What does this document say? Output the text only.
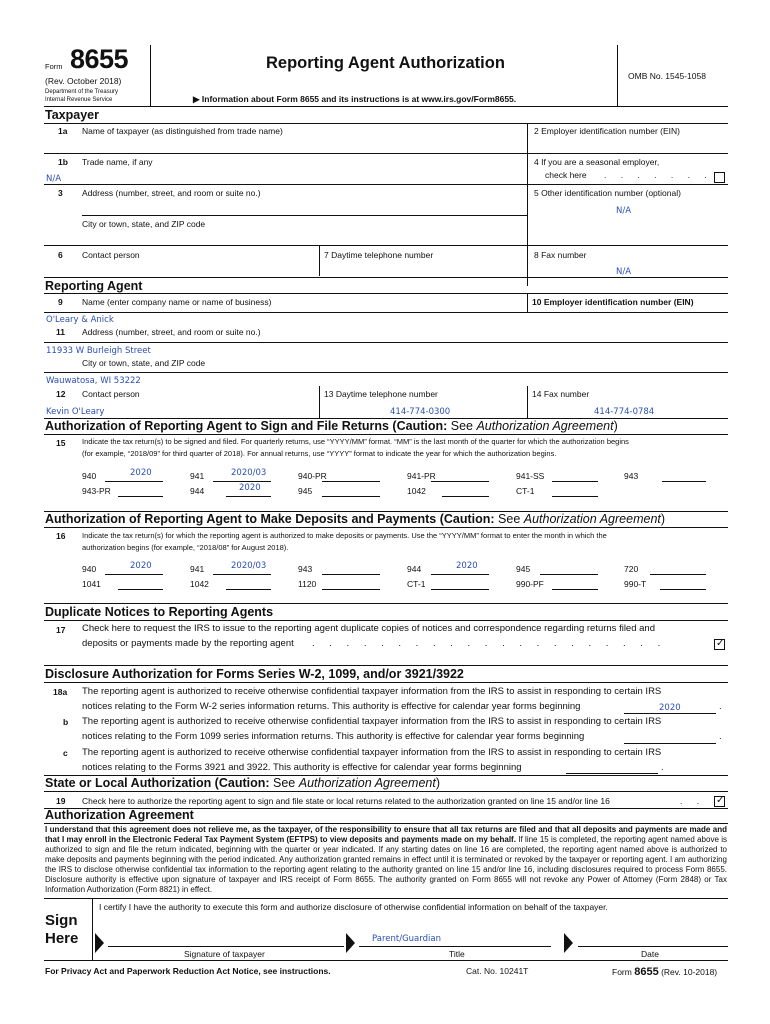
Form 8655
(Rev. October 2018)
Department of the Treasury
Internal Revenue Service
Reporting Agent Authorization
▶ Information about Form 8655 and its instructions is at www.irs.gov/Form8655.
OMB No. 1545-1058
Taxpayer
1a Name of taxpayer (as distinguished from trade name)	2 Employer identification number (EIN)
1b Trade name, if any
N/A
4 If you are a seasonal employer,
check here . . . . . . .
3 Address (number, street, and room or suite no.)	5 Other identification number (optional)
N/A
City or town, state, and ZIP code
6 Contact person	7 Daytime telephone number	8 Fax number
N/A
Reporting Agent
9 Name (enter company name or name of business)	10 Employer identification number (EIN)
O'Leary & Anick
11 Address (number, street, and room or suite no.)
11933 W Burleigh Street
City or town, state, and ZIP code
Wauwatosa, WI 53222
12 Contact person	13 Daytime telephone number	14 Fax number
Kevin O'Leary	414-774-0300	414-774-0784
Authorization of Reporting Agent to Sign and File Returns (Caution: See Authorization Agreement)
15 Indicate the tax return(s) to be signed and filed. For quarterly returns, use “YYYY/MM” format. “MM” is the last month of the quarter for which the authorization begins
(for example, “2018/09” for third quarter of 2018). For annual returns, use “YYYY” format to indicate the year for which the authorization begins.
940	2020	941	2020/03	940-PR	941-PR	941-SS	943
943-PR	944	2020	945	1042	CT-1
Authorization of Reporting Agent to Make Deposits and Payments (Caution: See Authorization Agreement)
16 Indicate the tax return(s) for which the reporting agent is authorized to make deposits or payments. Use the “YYYY/MM” format to enter the month in which the
authorization begins (for example, “2018/08” for August 2018).
940	2020	941	2020/03	943	944	2020	945	720
1041	1042	1120	CT-1	990-PF	990-T
Duplicate Notices to Reporting Agents
17 Check here to request the IRS to issue to the reporting agent duplicate copies of notices and correspondence regarding returns filed and
deposits or payments made by the reporting agent . . . . . . . . . . . . . . . . . . . . .	✓
Disclosure Authorization for Forms Series W-2, 1099, and/or 3921/3922
18a The reporting agent is authorized to receive otherwise confidential taxpayer information from the IRS to assist in responding to certain IRS
notices relating to the Form W-2 series information returns. This authority is effective for calendar year forms beginning	2020	.
b The reporting agent is authorized to receive otherwise confidential taxpayer information from the IRS to assist in responding to certain IRS
notices relating to the Form 1099 series information returns. This authority is effective for calendar year forms beginning	.
c The reporting agent is authorized to receive otherwise confidential taxpayer information from the IRS to assist in responding to certain IRS
notices relating to the Forms 3921 and 3922. This authority is effective for calendar year forms beginning	.
State or Local Authorization (Caution: See Authorization Agreement)
19 Check here to authorize the reporting agent to sign and file state or local returns related to the authorization granted on line 15 and/or line 16	. . ✓
Authorization Agreement
I understand that this agreement does not relieve me, as the taxpayer, of the responsibility to ensure that all tax returns are filed and that all deposits and payments are made and that I may enroll in the Electronic Federal Tax Payment System (EFTPS) to view deposits and payments made on my behalf. If line 15 is completed, the reporting agent named above is authorized to sign and file the return indicated, beginning with the quarter or year indicated. If any starting dates on line 16 are completed, the reporting agent named above is authorized to make deposits and payments beginning with the period indicated. Any authorization granted remains in effect until it is terminated or revoked by the taxpayer or reporting agent. I am authorizing the IRS to disclose otherwise confidential tax information to the reporting agent relating to the authority granted on line 15 and/or line 16, including disclosures required to process Form 8655. Disclosure authority is effective upon signature of taxpayer and IRS receipt of Form 8655. The authority granted on Form 8655 will not revoke any Power of Attorney (Form 2848) or Tax Information Authorization (Form 8821) in effect.
I certify I have the authority to execute this form and authorize disclosure of otherwise confidential information on behalf of the taxpayer.
Sign
Here
Signature of taxpayer
Parent/Guardian
Title	Date
For Privacy Act and Paperwork Reduction Act Notice, see instructions.	Cat. No. 10241T	Form 8655 (Rev. 10-2018)
